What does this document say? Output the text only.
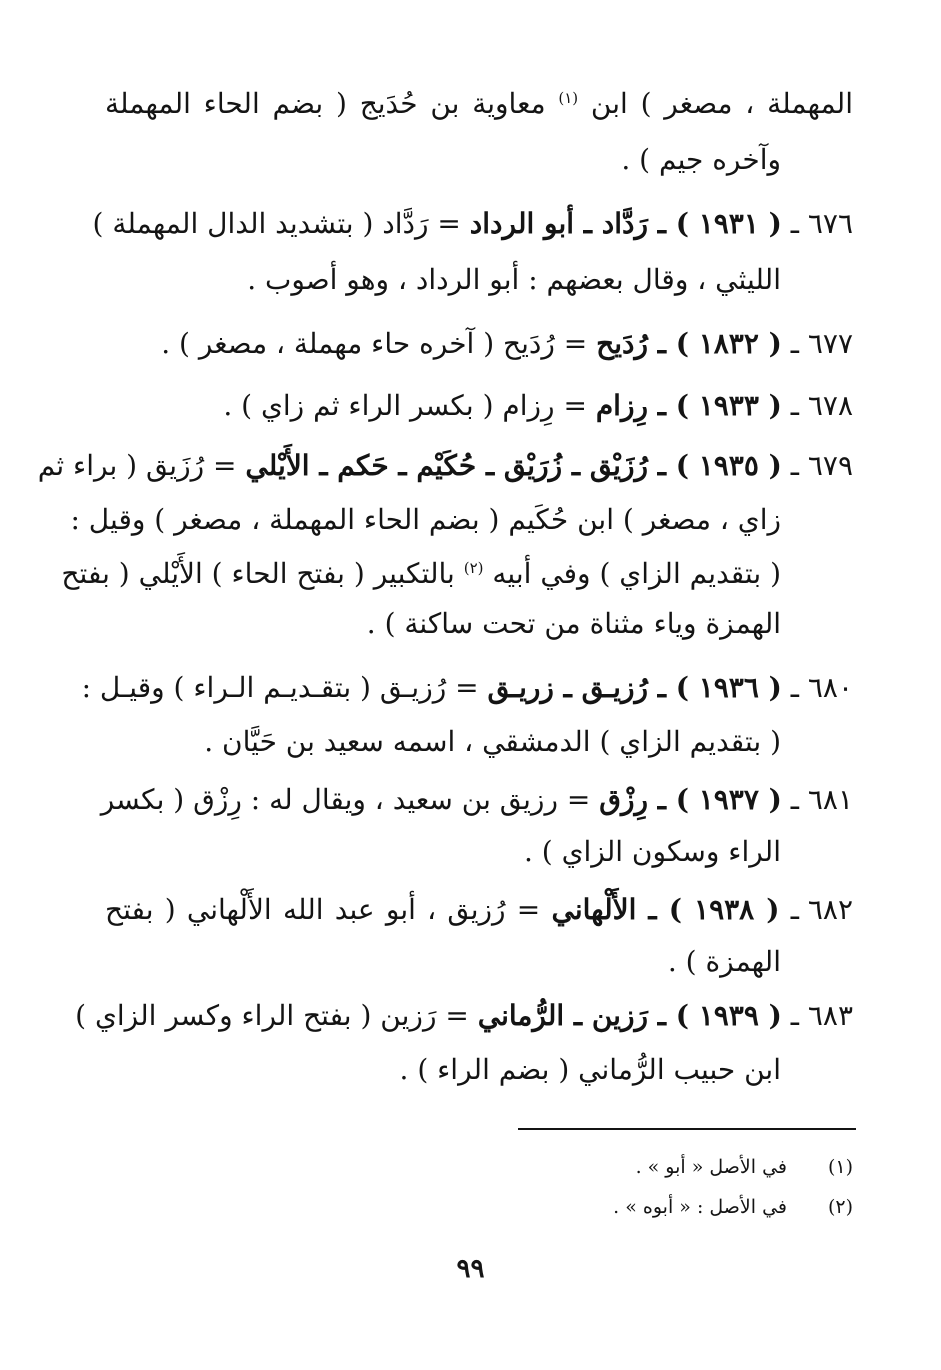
المهملة ، مصغر ) ابن $^{(١)}$ معاوية بن حُدَيج ( بضم الحاء المهملة
وآخره جيم ) .
٦٧٦ ـ ( ١٩٣١ ) ـ رَدَّاد ـ أبو الرداد = رَدَّاد ( بتشديد الدال المهملة )
الليثي ، وقال بعضهم : أبو الرداد ، وهو أصوب .
٦٧٧ ـ ( ١٨٣٢ ) ـ رُدَيح = رُدَيح ( آخره حاء مهملة ، مصغر ) .
٦٧٨ ـ ( ١٩٣٣ ) ـ رِزام = رِزام ( بكسر الراء ثم زاي ) .
٦٧٩ ـ ( ١٩٣٥ ) ـ رُزَيْق ـ زُرَيْق ـ حُكَيْم ـ حَكم ـ الأَيْلي = رُزَيق ( براء ثم
زاي ، مصغر ) ابن حُكَيم ( بضم الحاء المهملة ، مصغر ) وقيل :
( بتقديم الزاي ) وفي أبيه $^{(٢)}$ بالتكبير ( بفتح الحاء ) الأَيْلي ( بفتح
الهمزة وياء مثناة من تحت ساكنة ) .
٦٨٠ ـ ( ١٩٣٦ ) ـ رُزيـق ـ زريـق = رُزيـق ( بتقـديـم الـراء ) وقيـل :
( بتقديم الزاي ) الدمشقي ، اسمه سعيد بن حَيَّان .
٦٨١ ـ ( ١٩٣٧ ) ـ رِزْق = رزيق بن سعيد ، ويقال له : رِزْق ( بكسر
الراء وسكون الزاي ) .
٦٨٢ ـ ( ١٩٣٨ ) ـ الأَلْهاني = رُزيق ، أبو عبد الله الأَلْهاني ( بفتح
الهمزة ) .
٦٨٣ ـ ( ١٩٣٩ ) ـ رَزين ـ الرُّماني = رَزين ( بفتح الراء وكسر الزاي )
ابن حبيب الرُّماني ( بضم الراء ) .
(١)
في الأصل « أبو » .
(٢)
في الأصل : « أبوه » .
٩٩
